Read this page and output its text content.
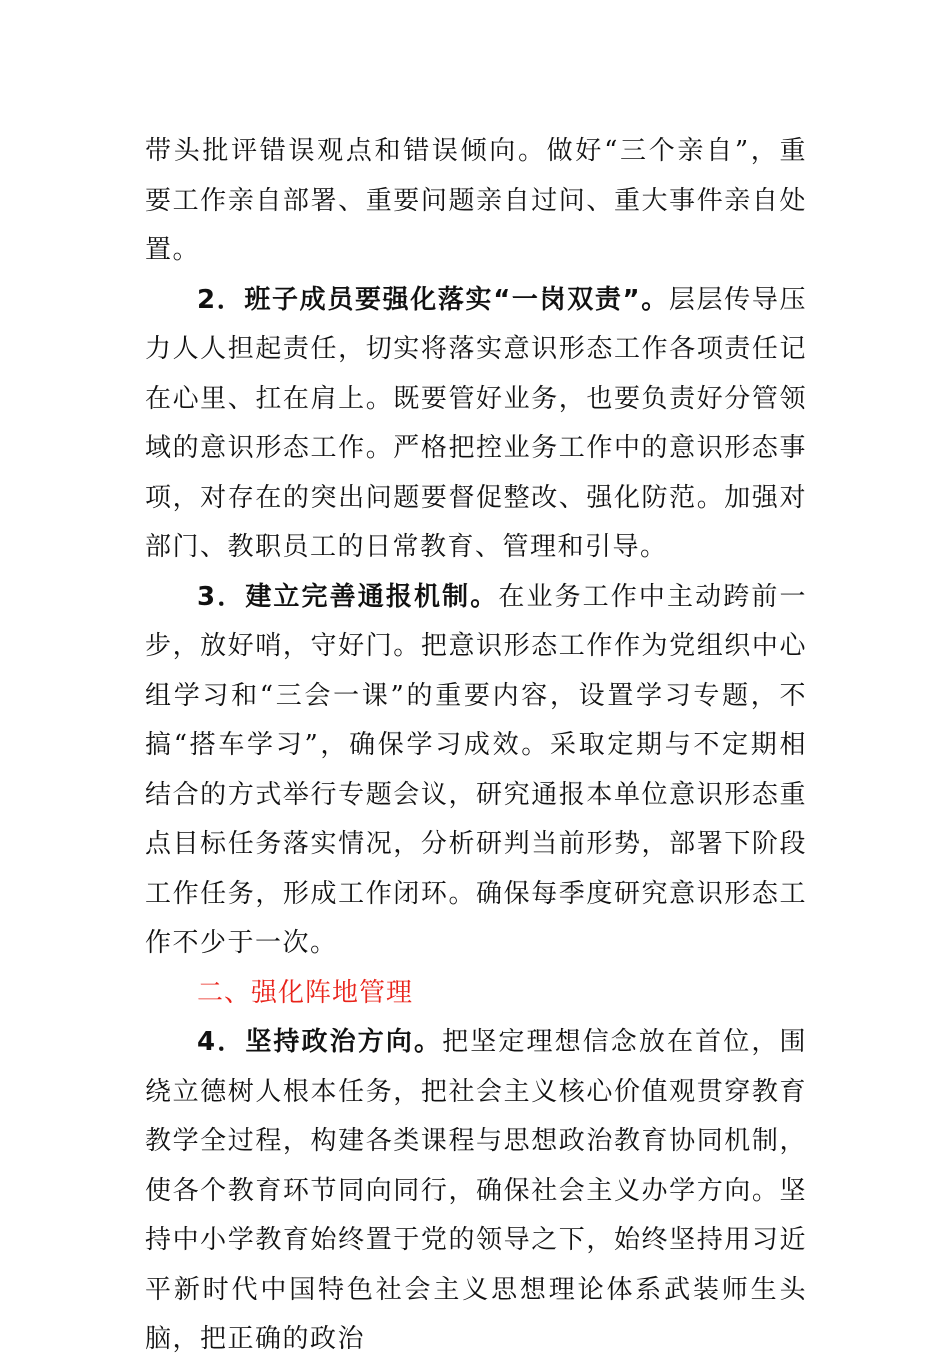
带头批评错误观点和错误倾向。做好“三个亲自”，重要工作亲自部署、重要问题亲自过问、重大事件亲自处置。

2．班子成员要强化落实“一岗双责”。层层传导压力人人担起责任，切实将落实意识形态工作各项责任记在心里、扛在肩上。既要管好业务，也要负责好分管领域的意识形态工作。严格把控业务工作中的意识形态事项，对存在的突出问题要督促整改、强化防范。加强对部门、教职员工的日常教育、管理和引导。

3．建立完善通报机制。在业务工作中主动跨前一步，放好哨，守好门。把意识形态工作作为党组织中心组学习和“三会一课”的重要内容，设置学习专题，不搞“搭车学习”，确保学习成效。采取定期与不定期相结合的方式举行专题会议，研究通报本单位意识形态重点目标任务落实情况，分析研判当前形势，部署下阶段工作任务，形成工作闭环。确保每季度研究意识形态工作不少于一次。

二、强化阵地管理

4．坚持政治方向。把坚定理想信念放在首位，围绕立德树人根本任务，把社会主义核心价值观贯穿教育教学全过程，构建各类课程与思想政治教育协同机制，使各个教育环节同向同行，确保社会主义办学方向。坚持中小学教育始终置于党的领导之下，始终坚持用习近平新时代中国特色社会主义思想理论体系武装师生头脑，把正确的政治
